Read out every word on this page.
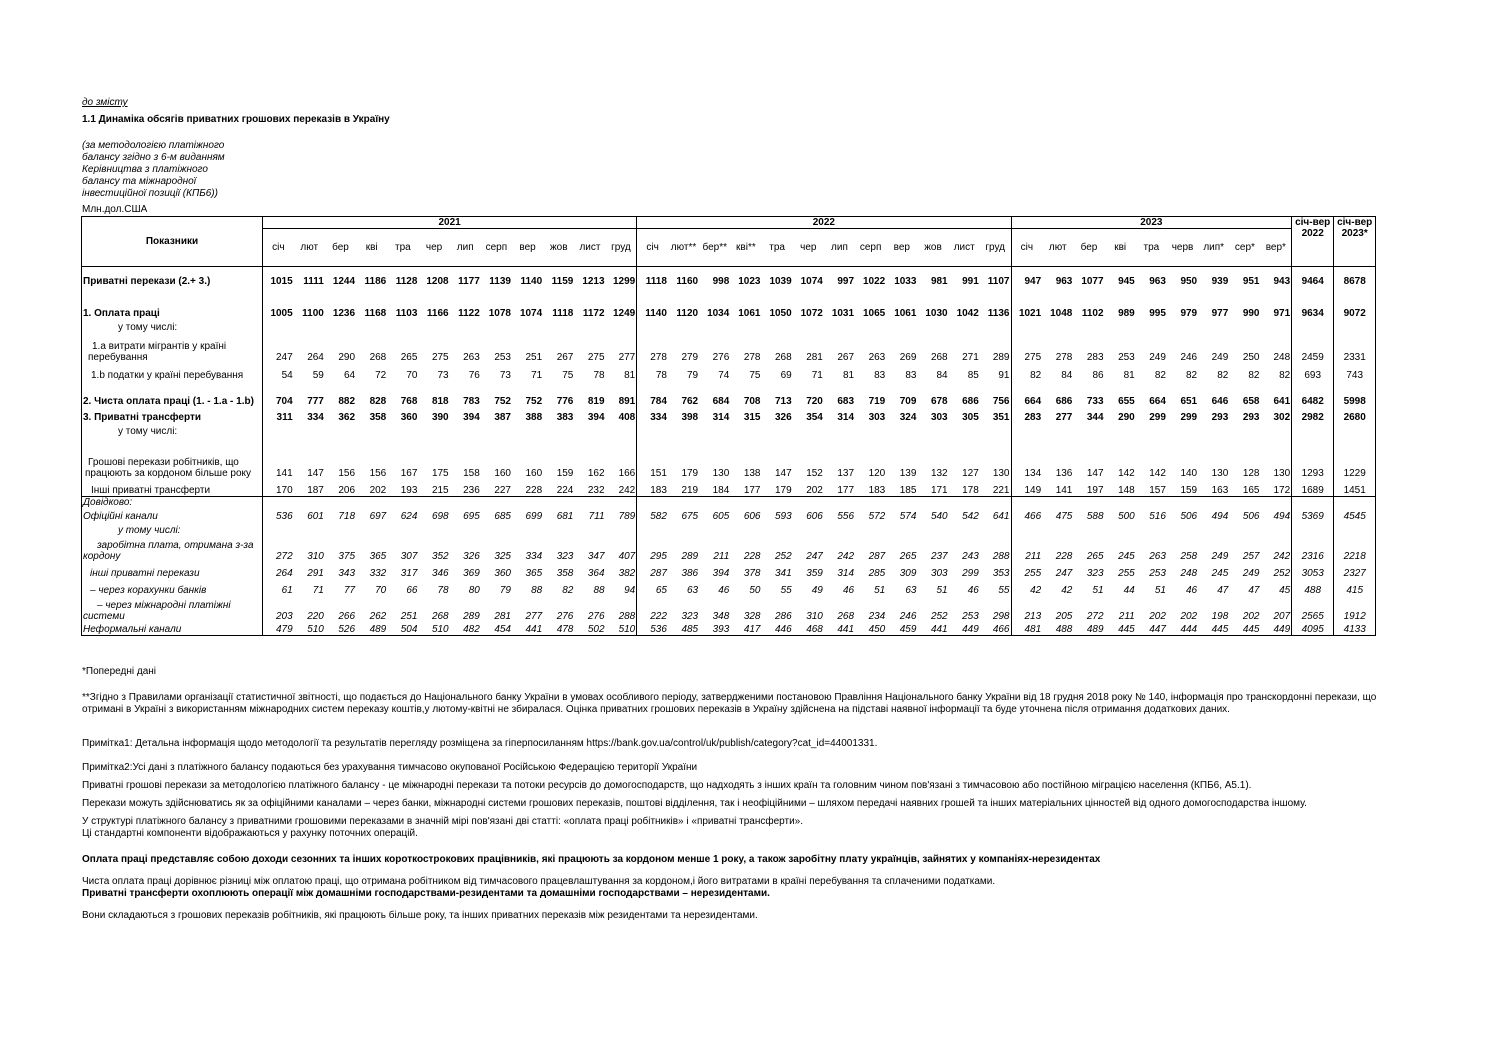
до змісту
1.1 Динаміка обсягів приватних грошових переказів в Україну
(за методологією платіжного
балансу згідно з 6-м виданням
Керівництва з платіжного
балансу та міжнародної
інвестиційної позиції (КПБ6))
Млн.дол.США
Показники	2021												2022												2023									січ-вер 2022	січ-вер 2023*
	січ	лют	бер	кві	тра	чер	лип	серп	вер	жов	лист	груд	січ	лют**	бер**	кві**	тра	чер	лип	серп	вер	жов	лист	груд	січ	лют	бер	кві	тра	черв	лип*	сер*	вер*		
Приватні перекази (2.+ 3.)	1015	1111	1244	1186	1128	1208	1177	1139	1140	1159	1213	1299	1118	1160	998	1023	1039	1074	997	1022	1033	981	991	1107	947	963	1077	945	963	950	939	951	943	9464	8678

1. Оплата праці	1005	1100	1236	1168	1103	1166	1122	1078	1074	1118	1172	1249	1140	1120	1034	1061	1050	1072	1031	1065	1061	1030	1042	1136	1021	1048	1102	989	995	979	977	990	971	9634	9072
у тому числі:																																			
1.а витрати мігрантів у країні перебування	247	264	290	268	265	275	263	253	251	267	275	277	278	279	276	278	268	281	267	263	269	268	271	289	275	278	283	253	249	246	249	250	248	2459	2331
1.b податки у країні перебування	54	59	64	72	70	73	76	73	71	75	78	81	78	79	74	75	69	71	81	83	83	84	85	91	82	84	86	81	82	82	82	82	82	693	743
2. Чиста оплата праці (1. - 1.а - 1.b)	704	777	882	828	768	818	783	752	752	776	819	891	784	762	684	708	713	720	683	719	709	678	686	756	664	686	733	655	664	651	646	658	641	6482	5998
3. Приватні трансферти	311	334	362	358	360	390	394	387	388	383	394	408	334	398	314	315	326	354	314	303	324	303	305	351	283	277	344	290	299	299	293	293	302	2982	2680
у тому числі:																																			
Грошові перекази робітників, що працюють за кордоном більше року	141	147	156	156	167	175	158	160	160	159	162	166	151	179	130	138	147	152	137	120	139	132	127	130	134	136	147	142	142	140	130	128	130	1293	1229
Інші приватні трансферти	170	187	206	202	193	215	236	227	228	224	232	242	183	219	184	177	179	202	177	183	185	171	178	221	149	141	197	148	157	159	163	165	172	1689	1451
Довідково:																																			
Офіційні канали	536	601	718	697	624	698	695	685	699	681	711	789	582	675	605	606	593	606	556	572	574	540	542	641	466	475	588	500	516	506	494	506	494	5369	4545
у тому числі:																																			
заробітна плата, отримана з-за кордону	272	310	375	365	307	352	326	325	334	323	347	407	295	289	211	228	252	247	242	287	265	237	243	288	211	228	265	245	263	258	249	257	242	2316	2218
інші приватні перекази	264	291	343	332	317	346	369	360	365	358	364	382	287	386	394	378	341	359	314	285	309	303	299	353	255	247	323	255	253	248	245	249	252	3053	2327
– через корахунки банків	61	71	77	70	66	78	80	79	88	82	88	94	65	63	46	50	55	49	46	51	63	51	46	55	42	42	51	44	51	46	47	47	45	488	415
– через міжнародні платіжні системи	203	220	266	262	251	268	289	281	277	276	276	288	222	323	348	328	286	310	268	234	246	252	253	298	213	205	272	211	202	202	198	202	207	2565	1912
Неформальні канали	479	510	526	489	504	510	482	454	441	478	502	510	536	485	393	417	446	468	441	450	459	441	449	466	481	488	489	445	447	444	445	445	449	4095	4133

*Попередні дані

**Згідно з Правилами організації статистичної звітності, що подається до Національного банку України в умовах особливого періоду, затвердженими постановою Правління Національного банку України від 18 грудня 2018 року № 140, інформація про транскордонні перекази, що отримані в Україні з використанням міжнародних систем переказу коштів,у лютому-квітні не збиралася. Оцінка приватних грошових переказів в Україну здійснена на підставі наявної інформації та буде уточнена після отримання додаткових даних.

Примітка1: Детальна інформація щодо методології та результатів перегляду розміщена за гіперпосиланням https://bank.gov.ua/control/uk/publish/category?cat_id=44001331.

Примітка2:Усі дані з платіжного балансу подаються без урахування тимчасово окупованої Російською Федерацією території України

Приватні грошові перекази за методологією платіжного балансу - це міжнародні перекази та потоки ресурсів до домогосподарств, що надходять з інших країн та головним чином пов'язані з тимчасовою або постійною міграцією населення (КПБ6, А5.1).

Перекази можуть здійснюватись як за офіційними каналами – через банки, міжнародні системи грошових переказів, поштові відділення, так і неофіційними – шляхом передачі наявних грошей та інших матеріальних цінностей від одного домогосподарства іншому.

У структурі платіжного балансу з приватними грошовими переказами в значній мірі пов'язані дві статті: «оплата праці робітників» і «приватні трансферти».

Ці стандартні компоненти відображаються у рахунку поточних операцій.

Оплата праці представляє собою доходи сезонних та інших короткострокових працівників, які працюють за кордоном менше 1 року, а також заробітну плату українців, зайнятих у компаніях-нерезидентах

Чиста оплата праці дорівнює різниці між оплатою праці, що отримана робітником від тимчасового працевлаштування за кордоном,і його витратами в країні перебування та сплаченими податками.

Приватні трансферти охоплюють операції між домашніми господарствами-резидентами та домашніми господарствами – нерезидентами.

Вони складаються з грошових переказів робітників, які працюють більше року, та інших приватних переказів між резидентами та нерезидентами.
